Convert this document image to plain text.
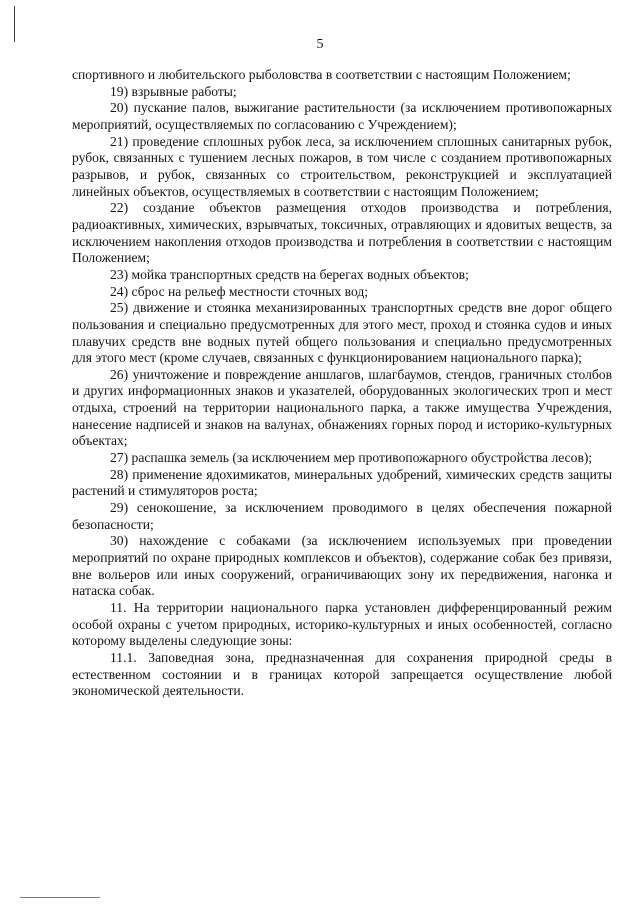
5

спортивного и любительского рыболовства в соответствии с настоящим Положением;

19) взрывные работы;

20) пускание палов, выжигание растительности (за исключением противопожарных мероприятий, осуществляемых по согласованию с Учреждением);

21) проведение сплошных рубок леса, за исключением сплошных санитарных рубок, рубок, связанных с тушением лесных пожаров, в том числе с созданием противопожарных разрывов, и рубок, связанных со строительством, реконструкцией и эксплуатацией линейных объектов, осуществляемых в соответствии с настоящим Положением;

22) создание объектов размещения отходов производства и потребления, радиоактивных, химических, взрывчатых, токсичных, отравляющих и ядовитых веществ, за исключением накопления отходов производства и потребления в соответствии с настоящим Положением;

23) мойка транспортных средств на берегах водных объектов;

24) сброс на рельеф местности сточных вод;

25) движение и стоянка механизированных транспортных средств вне дорог общего пользования и специально предусмотренных для этого мест, проход и стоянка судов и иных плавучих средств вне водных путей общего пользования и специально предусмотренных для этого мест (кроме случаев, связанных с функционированием национального парка);

26) уничтожение и повреждение аншлагов, шлагбаумов, стендов, граничных столбов и других информационных знаков и указателей, оборудованных экологических троп и мест отдыха, строений на территории национального парка, а также имущества Учреждения, нанесение надписей и знаков на валунах, обнажениях горных пород и историко-культурных объектах;

27) распашка земель (за исключением мер противопожарного обустройства лесов);

28) применение ядохимикатов, минеральных удобрений, химических средств защиты растений и стимуляторов роста;

29) сенокошение, за исключением проводимого в целях обеспечения пожарной безопасности;

30) нахождение с собаками (за исключением используемых при проведении мероприятий по охране природных комплексов и объектов), содержание собак без привязи, вне вольеров или иных сооружений, ограничивающих зону их передвижения, нагонка и натаска собак.

11. На территории национального парка установлен дифференцированный режим особой охраны с учетом природных, историко-культурных и иных особенностей, согласно которому выделены следующие зоны:

11.1. Заповедная зона, предназначенная для сохранения природной среды в естественном состоянии и в границах которой запрещается осуществление любой экономической деятельности.
